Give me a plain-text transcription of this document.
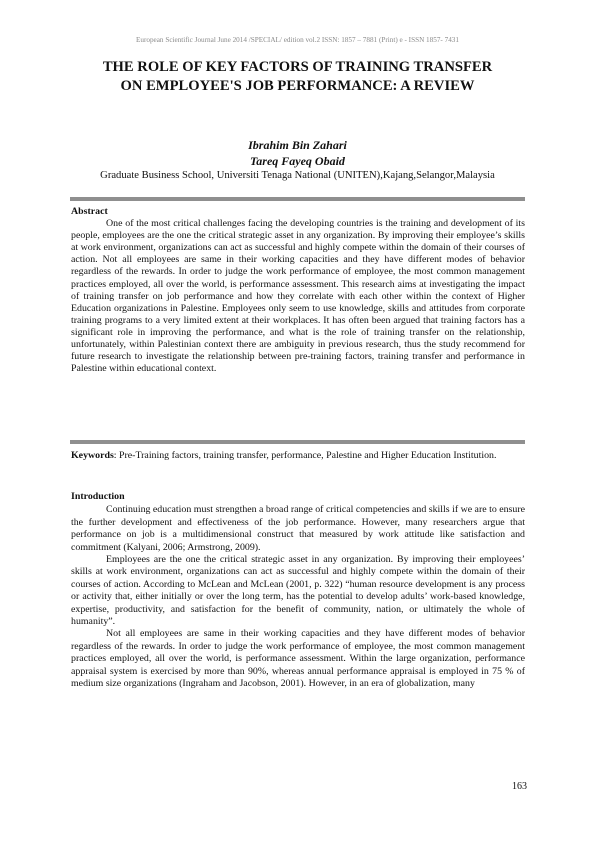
European Scientific Journal June 2014 /SPECIAL/ edition vol.2 ISSN: 1857 – 7881 (Print) e - ISSN 1857- 7431
THE ROLE OF KEY FACTORS OF TRAINING TRANSFER
ON EMPLOYEE'S JOB PERFORMANCE: A REVIEW
Ibrahim Bin Zahari
Tareq Fayeq Obaid
Graduate Business School, Universiti Tenaga National (UNITEN),Kajang,Selangor,Malaysia
Abstract

One of the most critical challenges facing the developing countries is the training and development of its people, employees are the one the critical strategic asset in any organization. By improving their employee’s skills at work environment, organizations can act as successful and highly compete within the domain of their courses of action. Not all employees are same in their working capacities and they have different modes of behavior regardless of the rewards. In order to judge the work performance of employee, the most common management practices employed, all over the world, is performance assessment. This research aims at investigating the impact of training transfer on job performance and how they correlate with each other within the context of Higher Education organizations in Palestine. Employees only seem to use knowledge, skills and attitudes from corporate training programs to a very limited extent at their workplaces. It has often been argued that training factors has a significant role in improving the performance, and what is the role of training transfer on the relationship, unfortunately, within Palestinian context there are ambiguity in previous research, thus the study recommend for future research to investigate the relationship between pre-training factors, training transfer and performance in Palestine within educational context.

Keywords: Pre-Training factors, training transfer, performance, Palestine and Higher Education Institution.
Introduction

Continuing education must strengthen a broad range of critical competencies and skills if we are to ensure the further development and effectiveness of the job performance. However, many researchers argue that performance on job is a multidimensional construct that measured by work attitude like satisfaction and commitment (Kalyani, 2006; Armstrong, 2009).

Employees are the one the critical strategic asset in any organization. By improving their employees’ skills at work environment, organizations can act as successful and highly compete within the domain of their courses of action. According to McLean and McLean (2001, p. 322) “human resource development is any process or activity that, either initially or over the long term, has the potential to develop adults’ work-based knowledge, expertise, productivity, and satisfaction for the benefit of community, nation, or ultimately the whole of humanity”.

Not all employees are same in their working capacities and they have different modes of behavior regardless of the rewards. In order to judge the work performance of employee, the most common management practices employed, all over the world, is performance assessment. Within the large organization, performance appraisal system is exercised by more than 90%, whereas annual performance appraisal is employed in 75 % of medium size organizations (Ingraham and Jacobson, 2001). However, in an era of globalization, many

163
